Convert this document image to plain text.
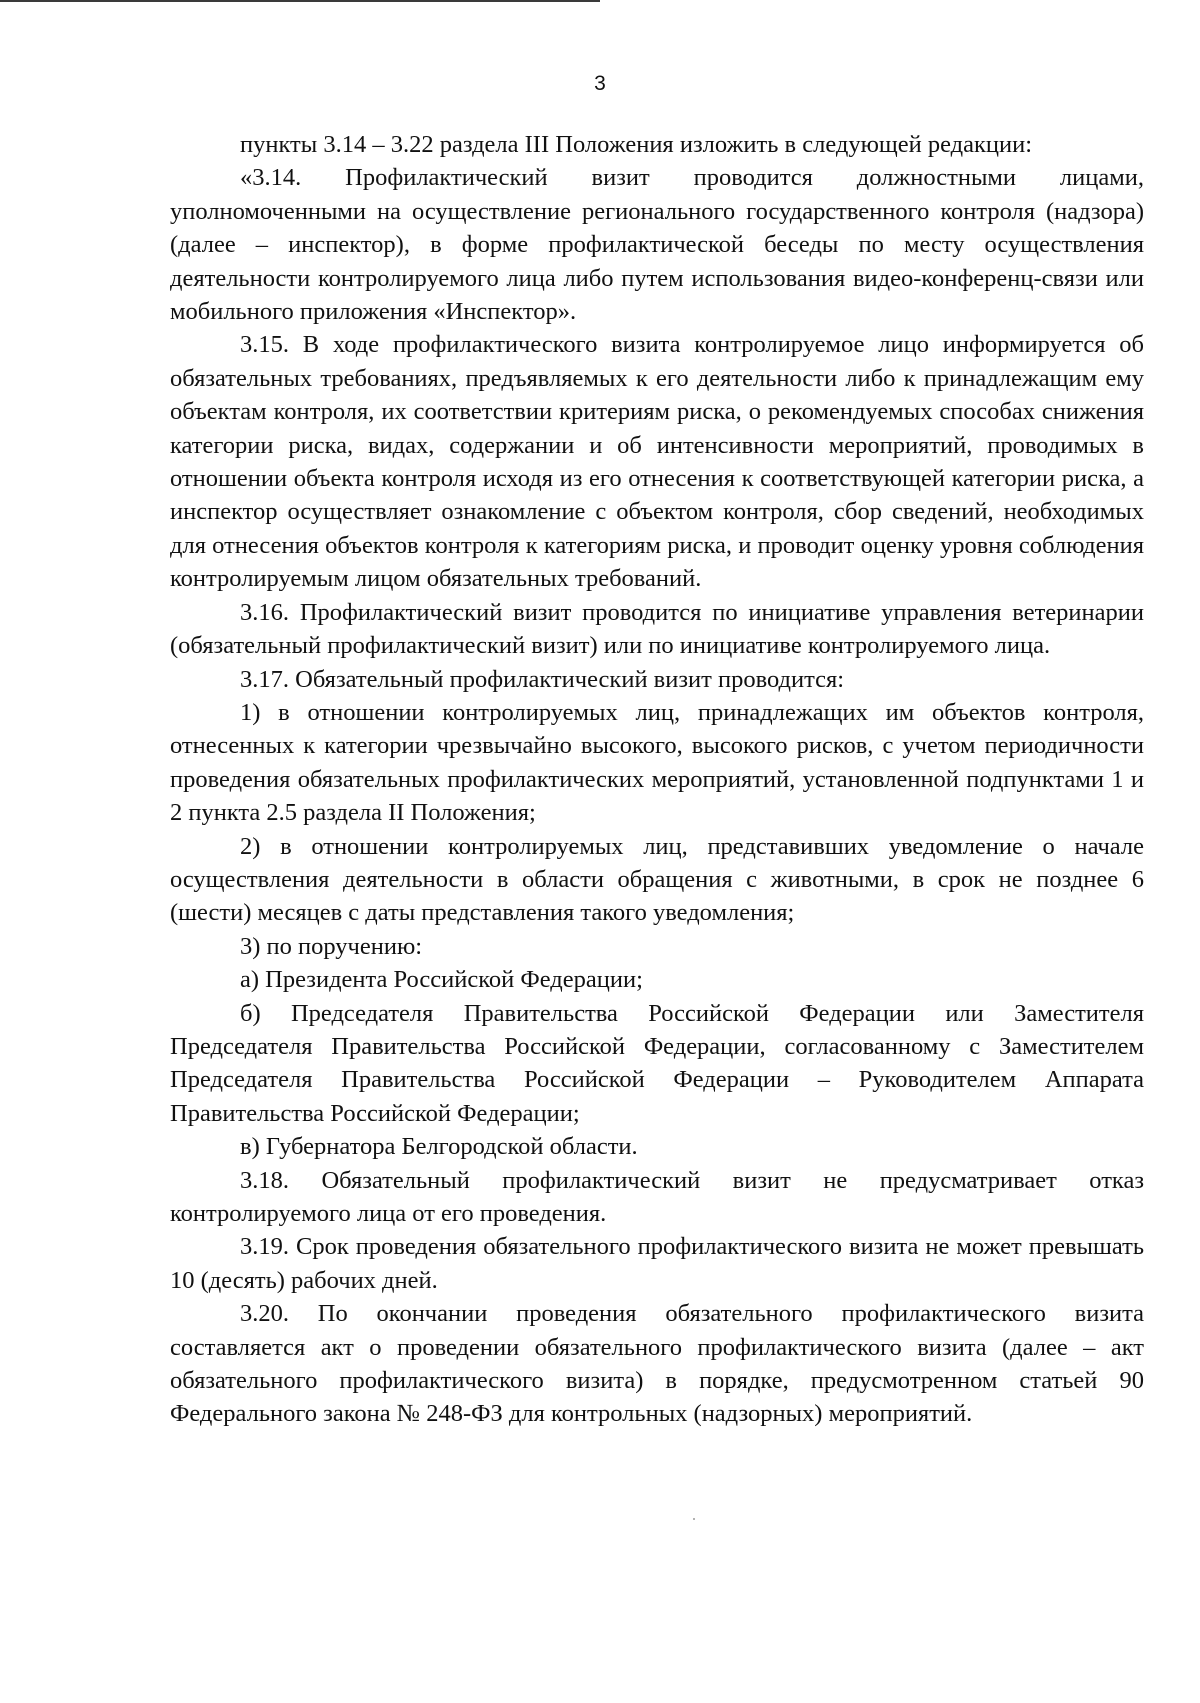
3

пункты 3.14 – 3.22 раздела III Положения изложить в следующей редакции:

«3.14. Профилактический визит проводится должностными лицами, уполномоченными на осуществление регионального государственного контроля (надзора) (далее – инспектор), в форме профилактической беседы по месту осуществления деятельности контролируемого лица либо путем использования видео-конференц-связи или мобильного приложения «Инспектор».

3.15. В ходе профилактического визита контролируемое лицо информируется об обязательных требованиях, предъявляемых к его деятельности либо к принадлежащим ему объектам контроля, их соответствии критериям риска, о рекомендуемых способах снижения категории риска, видах, содержании и об интенсивности мероприятий, проводимых в отношении объекта контроля исходя из его отнесения к соответствующей категории риска, а инспектор осуществляет ознакомление с объектом контроля, сбор сведений, необходимых для отнесения объектов контроля к категориям риска, и проводит оценку уровня соблюдения контролируемым лицом обязательных требований.

3.16. Профилактический визит проводится по инициативе управления ветеринарии (обязательный профилактический визит) или по инициативе контролируемого лица.

3.17. Обязательный профилактический визит проводится:

1) в отношении контролируемых лиц, принадлежащих им объектов контроля, отнесенных к категории чрезвычайно высокого, высокого рисков, с учетом периодичности проведения обязательных профилактических мероприятий, установленной подпунктами 1 и 2 пункта 2.5 раздела II Положения;

2) в отношении контролируемых лиц, представивших уведомление о начале осуществления деятельности в области обращения с животными, в срок не позднее 6 (шести) месяцев с даты представления такого уведомления;

3) по поручению:

а) Президента Российской Федерации;

б) Председателя Правительства Российской Федерации или Заместителя Председателя Правительства Российской Федерации, согласованному с Заместителем Председателя Правительства Российской Федерации – Руководителем Аппарата Правительства Российской Федерации;

в) Губернатора Белгородской области.

3.18. Обязательный профилактический визит не предусматривает отказ контролируемого лица от его проведения.

3.19. Срок проведения обязательного профилактического визита не может превышать 10 (десять) рабочих дней.

3.20. По окончании проведения обязательного профилактического визита составляется акт о проведении обязательного профилактического визита (далее – акт обязательного профилактического визита) в порядке, предусмотренном статьей 90 Федерального закона № 248-ФЗ для контрольных (надзорных) мероприятий.
